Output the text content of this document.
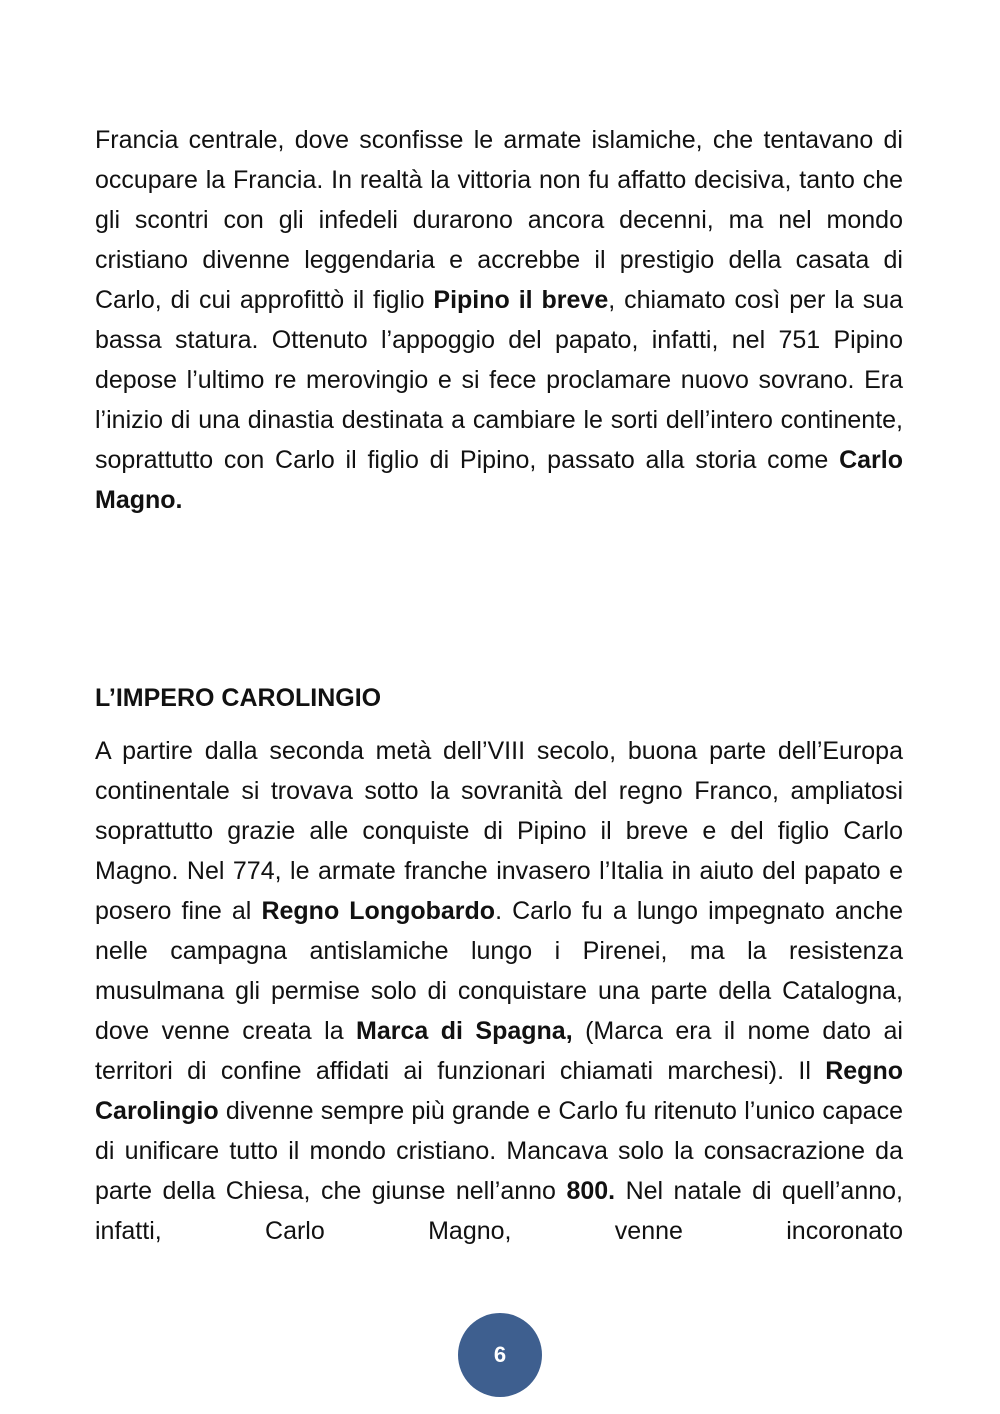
Francia centrale, dove sconfisse le armate islamiche, che tentavano di occupare la Francia. In realtà la vittoria non fu affatto decisiva, tanto che gli scontri con gli infedeli durarono ancora decenni, ma nel mondo cristiano divenne leggendaria e accrebbe il prestigio della casata di Carlo, di cui approfittò il figlio Pipino il breve, chiamato così per la sua bassa statura. Ottenuto l’appoggio del papato, infatti, nel 751 Pipino depose l’ultimo re merovingio e si fece proclamare nuovo sovrano. Era l’inizio di una dinastia destinata a cambiare le sorti dell’intero continente, soprattutto con Carlo il figlio di Pipino, passato alla storia come Carlo Magno.

L’IMPERO CAROLINGIO

A partire dalla seconda metà dell’VIII secolo, buona parte dell’Europa continentale si trovava sotto la sovranità del regno Franco, ampliatosi soprattutto grazie alle conquiste di Pipino il breve e del figlio Carlo Magno. Nel 774, le armate franche invasero l’Italia in aiuto del papato e posero fine al Regno Longobardo. Carlo fu a lungo impegnato anche nelle campagna antislamiche lungo i Pirenei, ma la resistenza musulmana gli permise solo di conquistare una parte della Catalogna, dove venne creata la Marca di Spagna, (Marca era il nome dato ai territori di confine affidati ai funzionari chiamati marchesi). Il Regno Carolingio divenne sempre più grande e Carlo fu ritenuto l’unico capace di unificare tutto il mondo cristiano. Mancava solo la consacrazione da parte della Chiesa, che giunse nell’anno 800. Nel natale di quell’anno, infatti, Carlo Magno, venne incoronato

6
